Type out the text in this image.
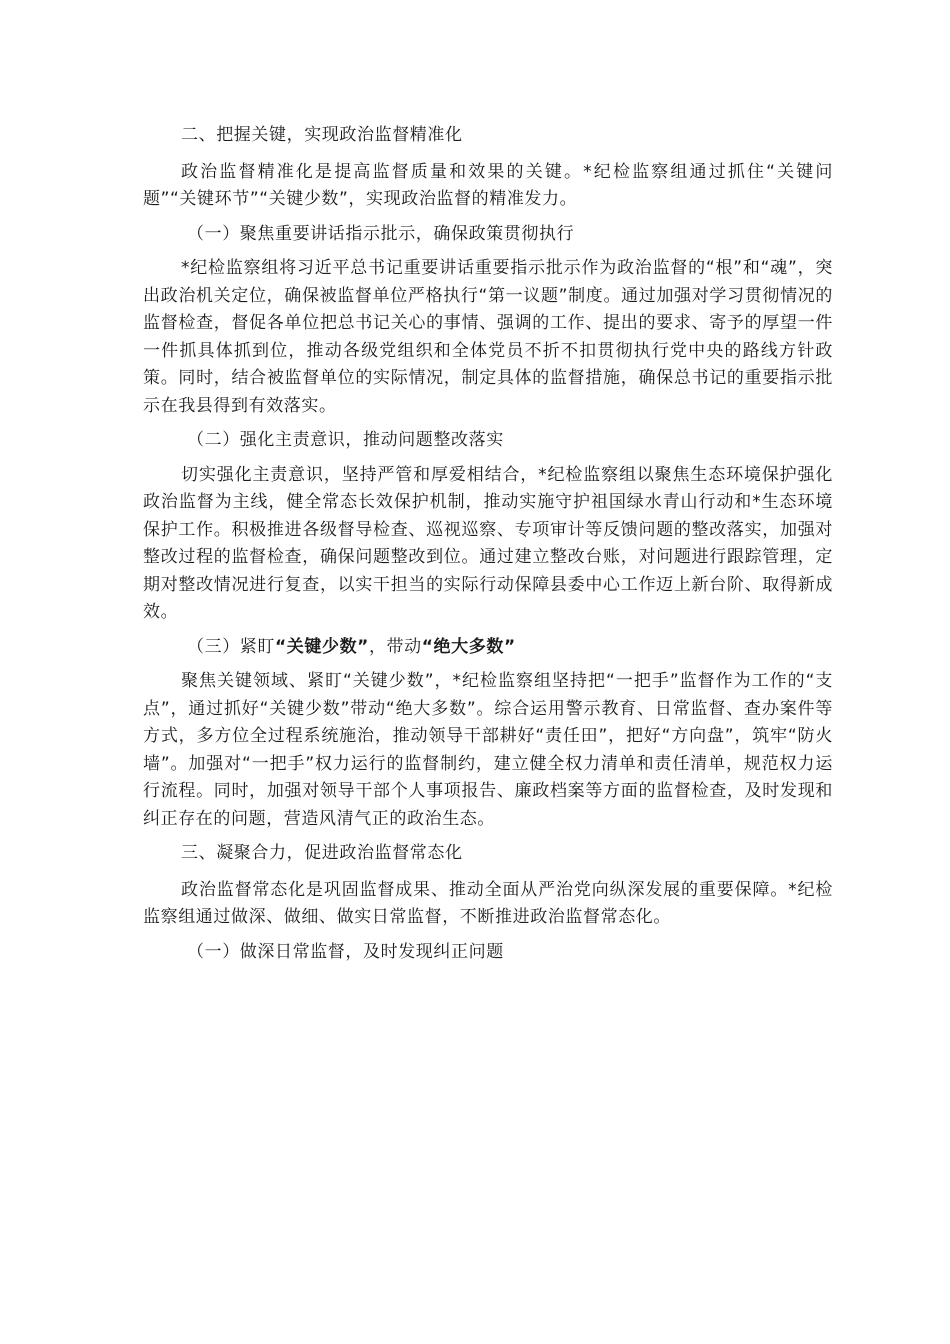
二、把握关键，实现政治监督精准化

政治监督精准化是提高监督质量和效果的关键。*纪检监察组通过抓住“关键问题”“关键环节”“关键少数”，实现政治监督的精准发力。

（一）聚焦重要讲话指示批示，确保政策贯彻执行

*纪检监察组将习近平总书记重要讲话重要指示批示作为政治监督的“根”和“魂”，突出政治机关定位，确保被监督单位严格执行“第一议题”制度。通过加强对学习贯彻情况的监督检查，督促各单位把总书记关心的事情、强调的工作、提出的要求、寄予的厚望一件一件抓具体抓到位，推动各级党组织和全体党员不折不扣贯彻执行党中央的路线方针政策。同时，结合被监督单位的实际情况，制定具体的监督措施，确保总书记的重要指示批示在我县得到有效落实。

（二）强化主责意识，推动问题整改落实

切实强化主责意识，坚持严管和厚爱相结合，*纪检监察组以聚焦生态环境保护强化政治监督为主线，健全常态长效保护机制，推动实施守护祖国绿水青山行动和*生态环境保护工作。积极推进各级督导检查、巡视巡察、专项审计等反馈问题的整改落实，加强对整改过程的监督检查，确保问题整改到位。通过建立整改台账，对问题进行跟踪管理，定期对整改情况进行复查，以实干担当的实际行动保障县委中心工作迈上新台阶、取得新成效。

（三）紧盯“关键少数”，带动“绝大多数”

聚焦关键领域、紧盯“关键少数”，*纪检监察组坚持把“一把手”监督作为工作的“支点”，通过抓好“关键少数”带动“绝大多数”。综合运用警示教育、日常监督、查办案件等方式，多方位全过程系统施治，推动领导干部耕好“责任田”，把好“方向盘”，筑牢“防火墙”。加强对“一把手”权力运行的监督制约，建立健全权力清单和责任清单，规范权力运行流程。同时，加强对领导干部个人事项报告、廉政档案等方面的监督检查，及时发现和纠正存在的问题，营造风清气正的政治生态。

三、凝聚合力，促进政治监督常态化

政治监督常态化是巩固监督成果、推动全面从严治党向纵深发展的重要保障。*纪检监察组通过做深、做细、做实日常监督，不断推进政治监督常态化。

（一）做深日常监督，及时发现纠正问题
